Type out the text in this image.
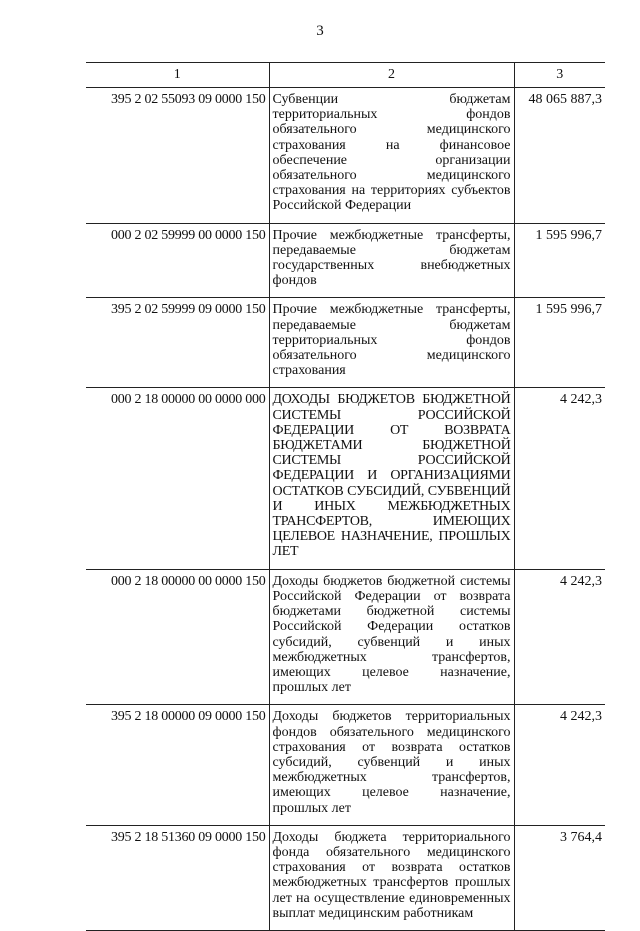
3
1	2	3
395 2 02 55093 09 0000 150	Субвенции бюджетам территориальных фондов обязательного медицинского страхования на финансовое обеспечение организации обязательного медицинского страхования на территориях субъектов Российской Федерации	48 065 887,3
000 2 02 59999 00 0000 150	Прочие межбюджетные трансферты, передаваемые бюджетам государственных внебюджетных фондов	1 595 996,7
395 2 02 59999 09 0000 150	Прочие межбюджетные трансферты, передаваемые бюджетам территориальных фондов обязательного медицинского страхования	1 595 996,7
000 2 18 00000 00 0000 000	ДОХОДЫ БЮДЖЕТОВ БЮДЖЕТНОЙ СИСТЕМЫ РОССИЙСКОЙ ФЕДЕРАЦИИ ОТ ВОЗВРАТА БЮДЖЕТАМИ БЮДЖЕТНОЙ СИСТЕМЫ РОССИЙСКОЙ ФЕДЕРАЦИИ И ОРГАНИЗАЦИЯМИ ОСТАТКОВ СУБСИДИЙ, СУБВЕНЦИЙ И ИНЫХ МЕЖБЮДЖЕТНЫХ ТРАНСФЕРТОВ, ИМЕЮЩИХ ЦЕЛЕВОЕ НАЗНАЧЕНИЕ, ПРОШЛЫХ ЛЕТ	4 242,3
000 2 18 00000 00 0000 150	Доходы бюджетов бюджетной системы Российской Федерации от возврата бюджетами бюджетной системы Российской Федерации остатков субсидий, субвенций и иных межбюджетных трансфертов, имеющих целевое назначение, прошлых лет	4 242,3
395 2 18 00000 09 0000 150	Доходы бюджетов территориальных фондов обязательного медицинского страхования от возврата остатков субсидий, субвенций и иных межбюджетных трансфертов, имеющих целевое назначение, прошлых лет	4 242,3
395 2 18 51360 09 0000 150	Доходы бюджета территориального фонда обязательного медицинского страхования от возврата остатков межбюджетных трансфертов прошлых лет на осуществление единовременных выплат медицинским работникам	3 764,4
